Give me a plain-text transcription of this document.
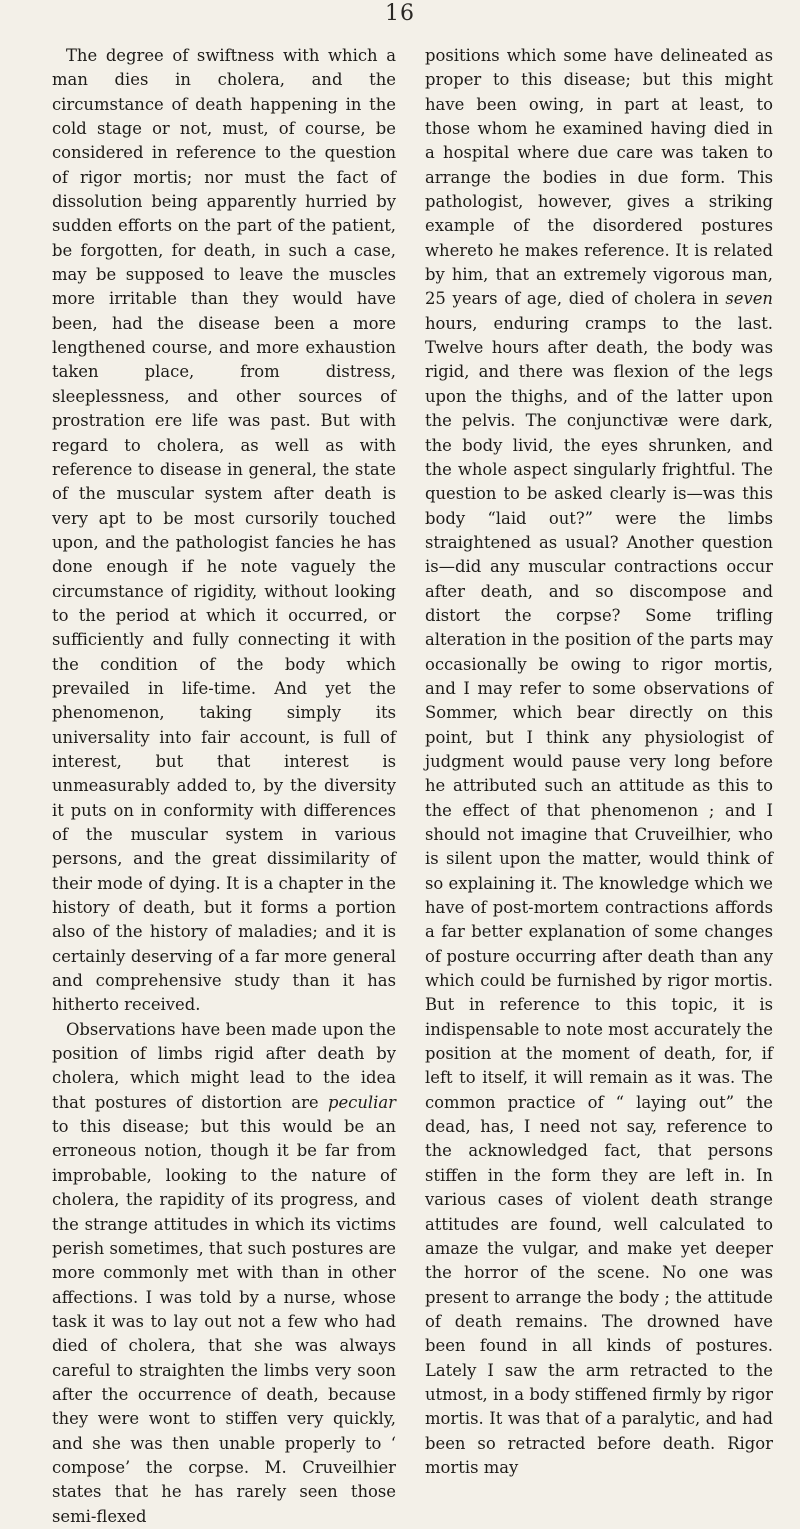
16

The degree of swiftness with which a man dies in cholera, and the circumstance of death happening in the cold stage or not, must, of course, be considered in reference to the question of rigor mortis; nor must the fact of dissolution being apparently hurried by sudden efforts on the part of the patient, be forgotten, for death, in such a case, may be supposed to leave the muscles more irritable than they would have been, had the disease been a more lengthened course, and more exhaustion taken place, from distress, sleeplessness, and other sources of prostration ere life was past. But with regard to cholera, as well as with reference to disease in general, the state of the muscular system after death is very apt to be most cursorily touched upon, and the pathologist fancies he has done enough if he note vaguely the circumstance of rigidity, without looking to the period at which it occurred, or sufficiently and fully connecting it with the condition of the body which prevailed in life-time. And yet the phenomenon, taking simply its universality into fair account, is full of interest, but that interest is unmeasurably added to, by the diversity it puts on in conformity with differences of the muscular system in various persons, and the great dissimilarity of their mode of dying. It is a chapter in the history of death, but it forms a portion also of the history of maladies; and it is certainly deserving of a far more general and comprehensive study than it has hitherto received.

Observations have been made upon the position of limbs rigid after death by cholera, which might lead to the idea that postures of distortion are peculiar to this disease; but this would be an erroneous notion, though it be far from improbable, looking to the nature of cholera, the rapidity of its progress, and the strange attitudes in which its victims perish sometimes, that such postures are more commonly met with than in other affections. I was told by a nurse, whose task it was to lay out not a few who had died of cholera, that she was always careful to straighten the limbs very soon after the occurrence of death, because they were wont to stiffen very quickly, and she was then unable properly to ‘ compose’ the corpse. M. Cruveilhier states that he has rarely seen those semi-flexed

positions which some have delineated as proper to this disease; but this might have been owing, in part at least, to those whom he examined having died in a hospital where due care was taken to arrange the bodies in due form. This pathologist, however, gives a striking example of the disordered postures whereto he makes reference. It is related by him, that an extremely vigorous man, 25 years of age, died of cholera in seven hours, enduring cramps to the last. Twelve hours after death, the body was rigid, and there was flexion of the legs upon the thighs, and of the latter upon the pelvis. The conjunctivæ were dark, the body livid, the eyes shrunken, and the whole aspect singularly frightful. The question to be asked clearly is—was this body “laid out?” were the limbs straightened as usual? Another question is—did any muscular contractions occur after death, and so discompose and distort the corpse? Some trifling alteration in the position of the parts may occasionally be owing to rigor mortis, and I may refer to some observations of Sommer, which bear directly on this point, but I think any physiologist of judgment would pause very long before he attributed such an attitude as this to the effect of that phenomenon ; and I should not imagine that Cruveilhier, who is silent upon the matter, would think of so explaining it. The knowledge which we have of post-mortem contractions affords a far better explanation of some changes of posture occurring after death than any which could be furnished by rigor mortis. But in reference to this topic, it is indispensable to note most accurately the position at the moment of death, for, if left to itself, it will remain as it was. The common practice of “ laying out” the dead, has, I need not say, reference to the acknowledged fact, that persons stiffen in the form they are left in. In various cases of violent death strange attitudes are found, well calculated to amaze the vulgar, and make yet deeper the horror of the scene. No one was present to arrange the body ; the attitude of death remains. The drowned have been found in all kinds of postures. Lately I saw the arm retracted to the utmost, in a body stiffened firmly by rigor mortis. It was that of a paralytic, and had been so retracted before death. Rigor mortis may
